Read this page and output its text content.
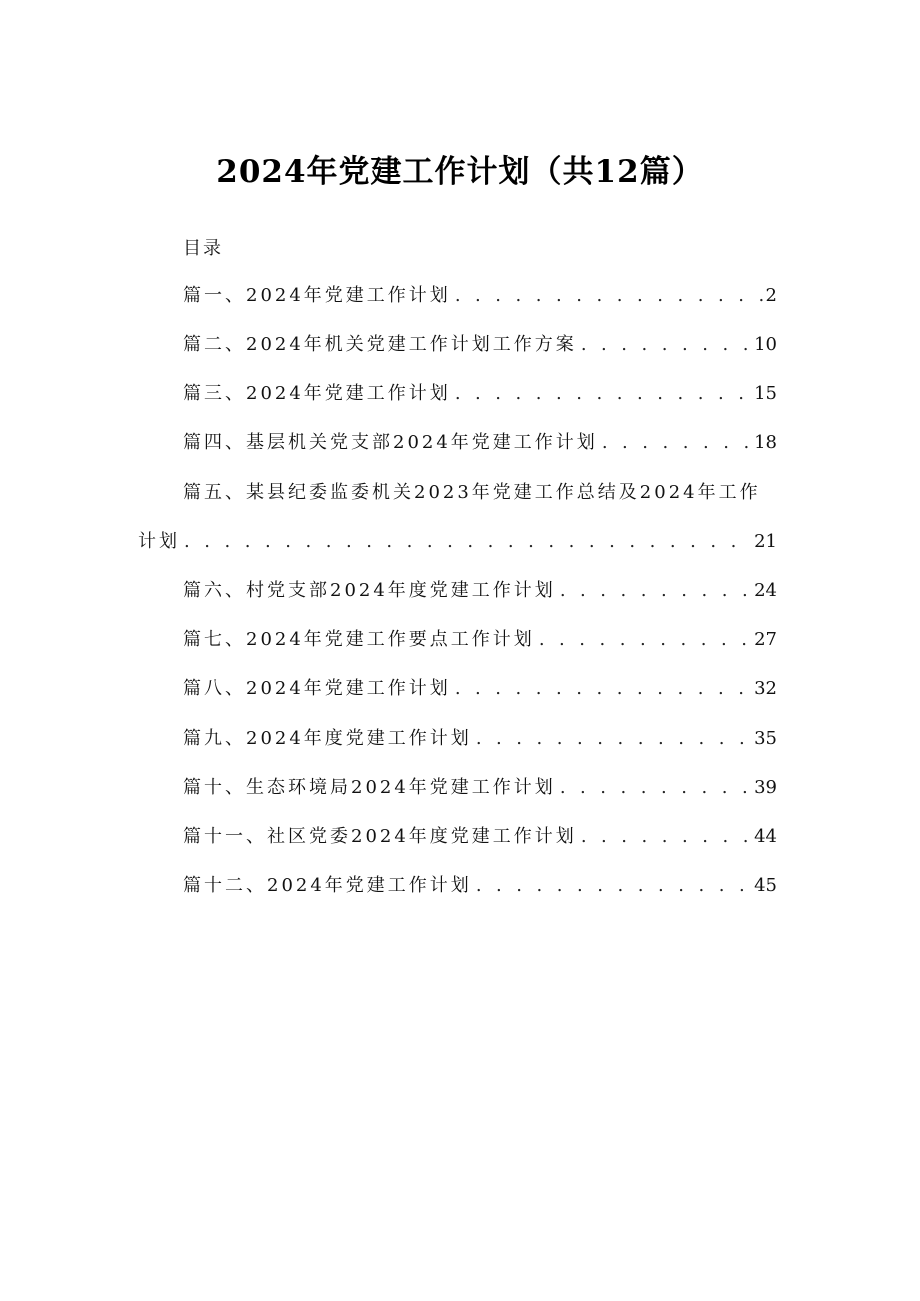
2024年党建工作计划（共12篇）
目录
篇一、2024年党建工作计划 . . .	2
篇二、2024年机关党建工作计划工作方案 . . .	10
篇三、2024年党建工作计划 . . .	15
篇四、基层机关党支部2024年党建工作计划 . . .	18
篇五、某县纪委监委机关2023年党建工作总结及2024年工作
计划 . . .	21
篇六、村党支部2024年度党建工作计划 . . .	24
篇七、2024年党建工作要点工作计划 . . .	27
篇八、2024年党建工作计划 . . .	32
篇九、2024年度党建工作计划 . . .	35
篇十、生态环境局2024年党建工作计划 . . .	39
篇十一、社区党委2024年度党建工作计划 . . .	44
篇十二、2024年党建工作计划 . . .	45
